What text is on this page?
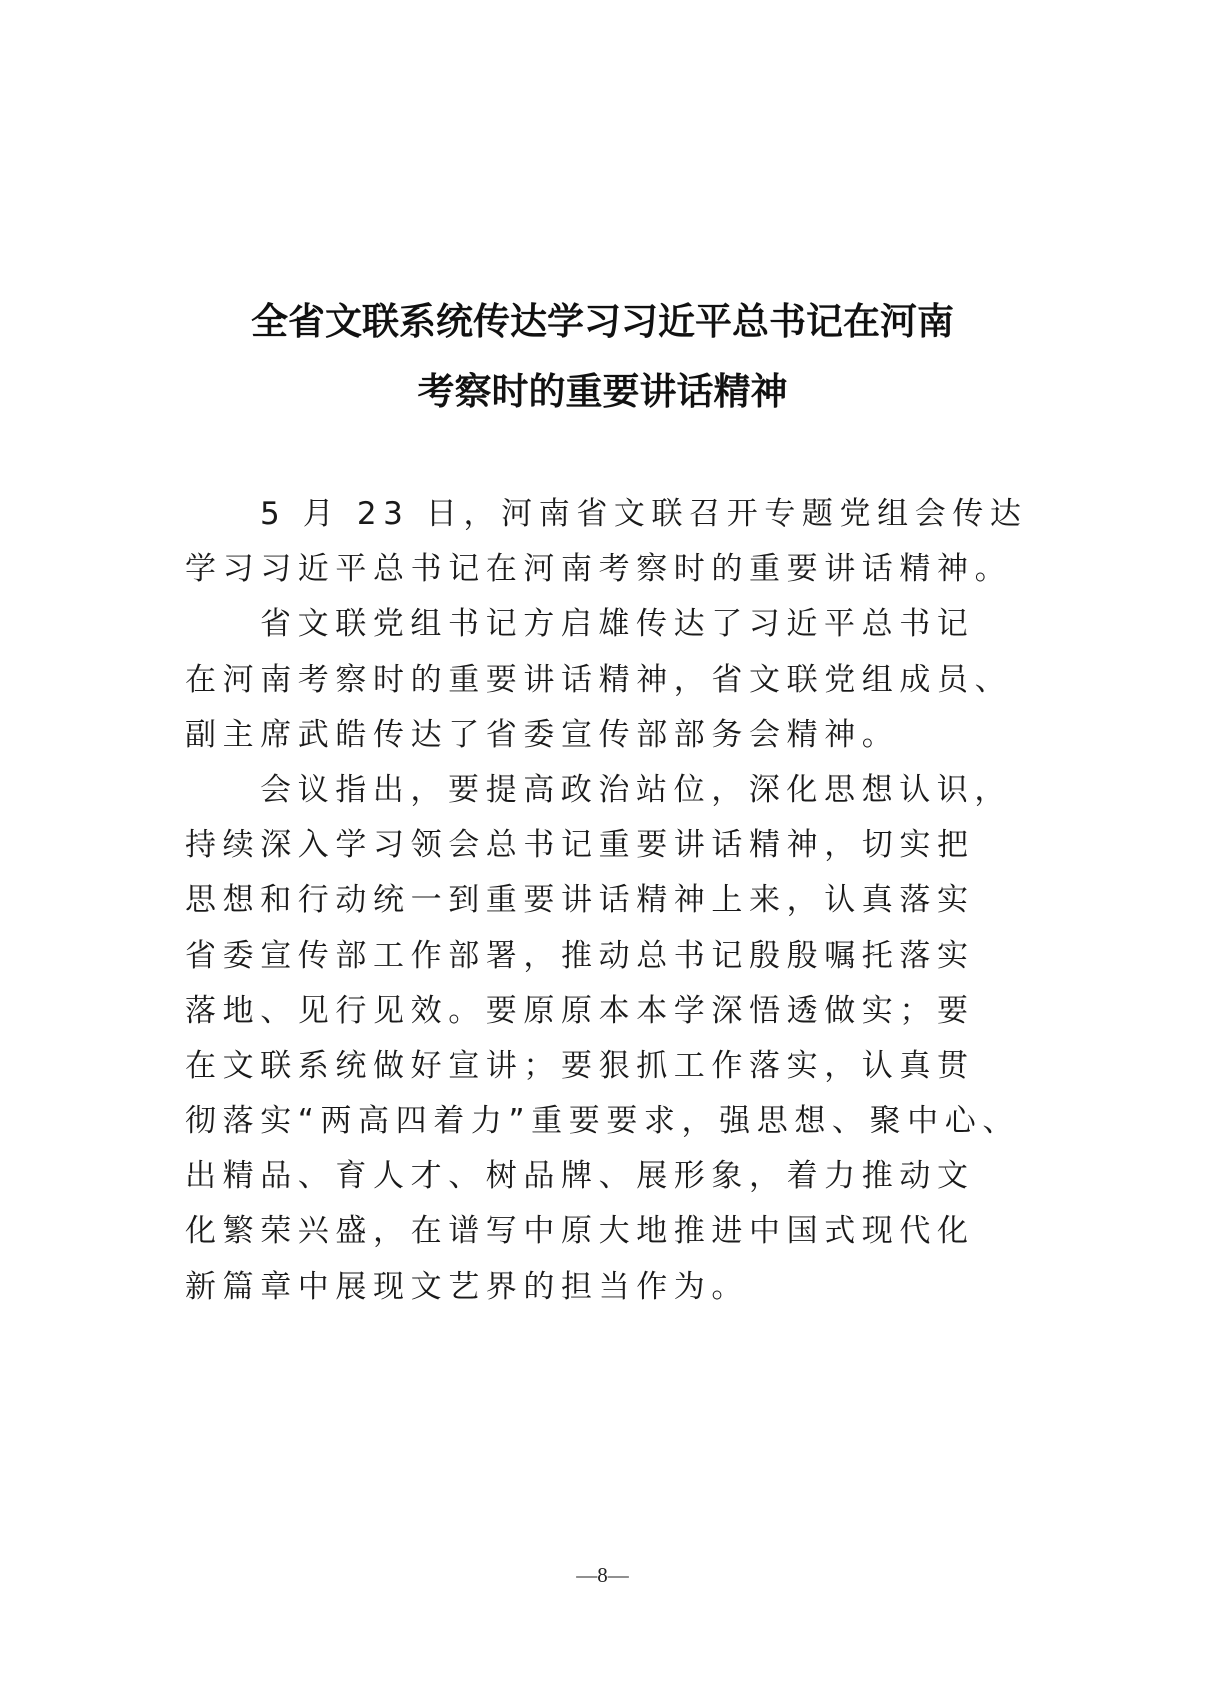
全省文联系统传达学习习近平总书记在河南
考察时的重要讲话精神
5 月 23 日，河南省文联召开专题党组会传达
学习习近平总书记在河南考察时的重要讲话精神。
省文联党组书记方启雄传达了习近平总书记
在河南考察时的重要讲话精神，省文联党组成员、
副主席武皓传达了省委宣传部部务会精神。
会议指出，要提高政治站位，深化思想认识，
持续深入学习领会总书记重要讲话精神，切实把
思想和行动统一到重要讲话精神上来，认真落实
省委宣传部工作部署，推动总书记殷殷嘱托落实
落地、见行见效。要原原本本学深悟透做实；要
在文联系统做好宣讲；要狠抓工作落实，认真贯
彻落实“两高四着力”重要要求，强思想、聚中心、
出精品、育人才、树品牌、展形象，着力推动文
化繁荣兴盛，在谱写中原大地推进中国式现代化
新篇章中展现文艺界的担当作为。
—8—
